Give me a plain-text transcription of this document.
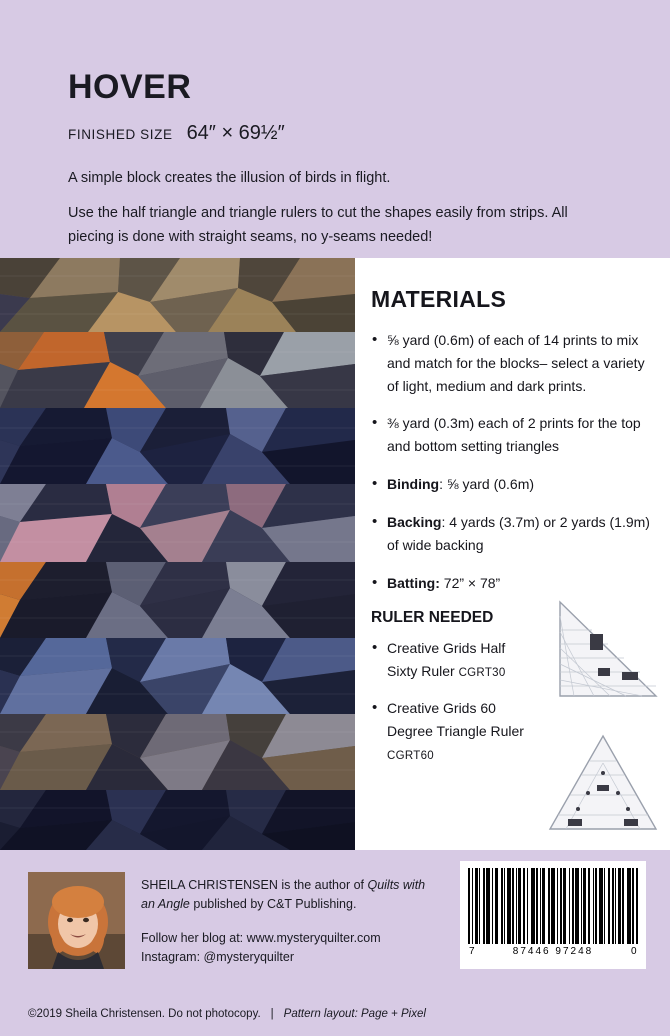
HOVER
FINISHED SIZE 64″ × 69½″

A simple block creates the illusion of birds in flight.

Use the half triangle and triangle rulers to cut the shapes easily from strips. All piecing is done with straight seams, no y-seams needed!

MATERIALS
• ⅝ yard (0.6m) of each of 14 prints to mix and match for the blocks– select a variety of light, medium and dark prints.
• ⅜ yard (0.3m) each of 2 prints for the top and bottom setting triangles
• Binding: ⅝ yard (0.6m)
• Backing: 4 yards (3.7m) or 2 yards (1.9m) of wide backing
• Batting: 72” × 78”
RULER NEEDED
• Creative Grids Half Sixty Ruler CGRT30
• Creative Grids 60 Degree Triangle Ruler CGRT60
SHEILA CHRISTENSEN is the author of Quilts with an Angle published by C&T Publishing.
Follow her blog at: www.mysteryquilter.com
Instagram: @mysteryquilter	7	87446 97248	0
©2019 Sheila Christensen. Do not photocopy. | Pattern layout: Page + Pixel
